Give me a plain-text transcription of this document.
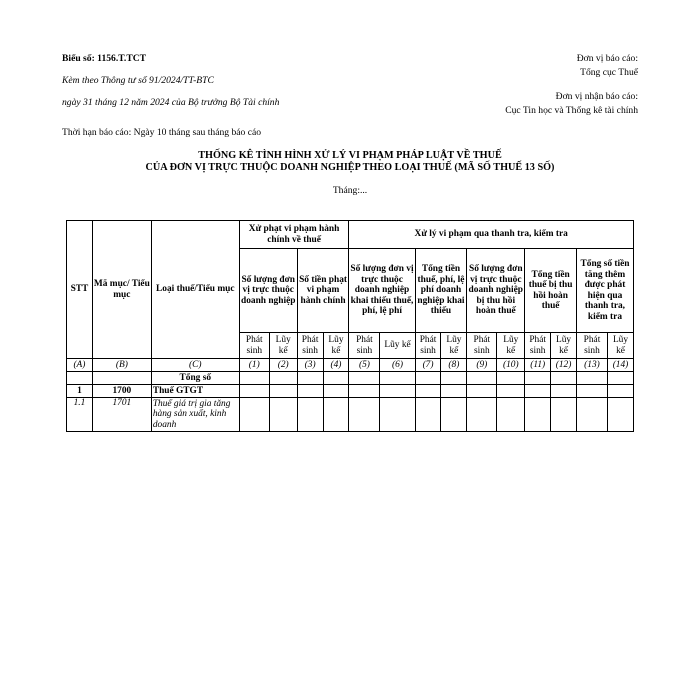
Biểu số: 1156.T.TCT
Kèm theo Thông tư số 91/2024/TT-BTC
ngày 31 tháng 12 năm 2024 của Bộ trưởng Bộ Tài chính
Đơn vị báo cáo:
Tổng cục Thuế
Đơn vị nhận báo cáo:
Cục Tin học và Thống kê tài chính
Thời hạn báo cáo: Ngày 10 tháng sau tháng báo cáo
THỐNG KÊ TÌNH HÌNH XỬ LÝ VI PHẠM PHÁP LUẬT VỀ THUẾ
CỦA ĐƠN VỊ TRỰC THUỘC DOANH NGHIỆP THEO LOẠI THUẾ (MÃ SỐ THUẾ 13 SỐ)
Tháng:...
STT	Mã mục/ Tiểu mục	Loại thuế/Tiểu mục	Xử phạt vi phạm hành chính về thuế				Xử lý vi phạm qua thanh tra, kiểm tra									
			Số lượng đơn vị trực thuộc doanh nghiệp		Số tiền phạt vi phạm hành chính		Số lượng đơn vị trực thuộc doanh nghiệp khai thiếu thuế, phí, lệ phí		Tổng tiền thuế, phí, lệ phí doanh nghiệp khai thiếu		Số lượng đơn vị trực thuộc doanh nghiệp bị thu hồi hoàn thuế		Tổng tiền thuế bị thu hồi hoàn thuế		Tổng số tiền tăng thêm được phát hiện qua thanh tra, kiểm tra	
			Phát sinh	Lũy kế	Phát sinh	Lũy kế	Phát sinh	Lũy kế	Phát sinh	Lũy kế	Phát sinh	Lũy kế	Phát sinh	Lũy kế	Phát sinh	Lũy kế
(A)	(B)	(C)	(1)	(2)	(3)	(4)	(5)	(6)	(7)	(8)	(9)	(10)	(11)	(12)	(13)	(14)
		Tổng số														
1	1700	Thuế GTGT														
1.1	1701	Thuế giá trị gia tăng hàng sản xuất, kinh doanh														
